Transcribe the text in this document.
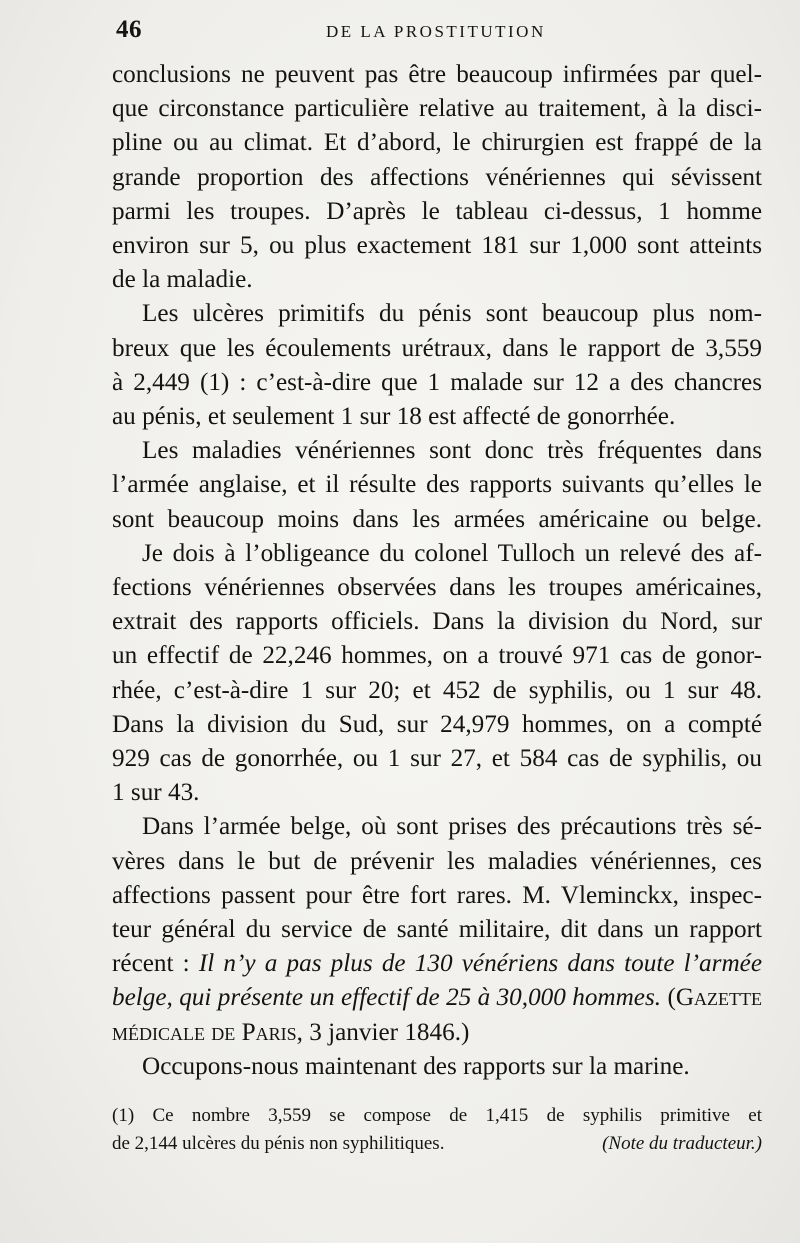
46	DE LA PROSTITUTION

conclusions ne peuvent pas être beaucoup infirmées par quel-
que circonstance particulière relative au traitement, à la disci-
pline ou au climat. Et d’abord, le chirurgien est frappé de la
grande proportion des affections vénériennes qui sévissent
parmi les troupes. D’après le tableau ci-dessus, 1 homme
environ sur 5, ou plus exactement 181 sur 1,000 sont atteints
de la maladie.

Les ulcères primitifs du pénis sont beaucoup plus nom-
breux que les écoulements urétraux, dans le rapport de 3,559
à 2,449 (1) : c’est-à-dire que 1 malade sur 12 a des chancres
au pénis, et seulement 1 sur 18 est affecté de gonorrhée.

Les maladies vénériennes sont donc très fréquentes dans
l’armée anglaise, et il résulte des rapports suivants qu’elles le
sont beaucoup moins dans les armées américaine ou belge.

Je dois à l’obligeance du colonel Tulloch un relevé des af-
fections vénériennes observées dans les troupes américaines,
extrait des rapports officiels. Dans la division du Nord, sur
un effectif de 22,246 hommes, on a trouvé 971 cas de gonor-
rhée, c’est-à-dire 1 sur 20; et 452 de syphilis, ou 1 sur 48.
Dans la division du Sud, sur 24,979 hommes, on a compté
929 cas de gonorrhée, ou 1 sur 27, et 584 cas de syphilis, ou
1 sur 43.

Dans l’armée belge, où sont prises des précautions très sé-
vères dans le but de prévenir les maladies vénériennes, ces
affections passent pour être fort rares. M. Vleminckx, inspec-
teur général du service de santé militaire, dit dans un rapport
récent : Il n’y a pas plus de 130 vénériens dans toute l’armée
belge, qui présente un effectif de 25 à 30,000 hommes. (Gazette
médicale de Paris, 3 janvier 1846.)

Occupons-nous maintenant des rapports sur la marine.

(1) Ce nombre 3,559 se compose de 1,415 de syphilis primitive et
de 2,144 ulcères du pénis non syphilitiques.	(Note du traducteur.)
